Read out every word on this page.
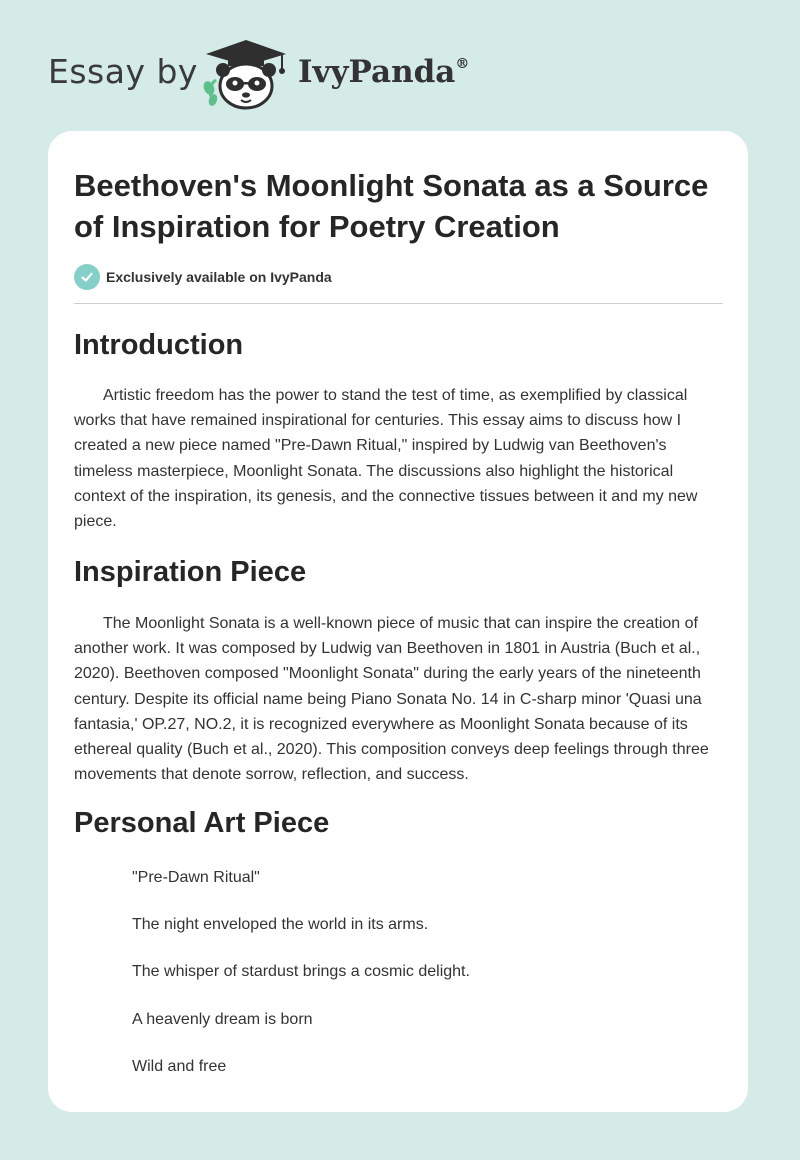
Essay by	IvyPanda®
Beethoven's Moonlight Sonata as a Source of Inspiration for Poetry Creation
Exclusively available on IvyPanda
Introduction

Artistic freedom has the power to stand the test of time, as exemplified by classical works that have remained inspirational for centuries. This essay aims to discuss how I created a new piece named "Pre-Dawn Ritual," inspired by Ludwig van Beethoven's timeless masterpiece, Moonlight Sonata. The discussions also highlight the historical context of the inspiration, its genesis, and the connective tissues between it and my new piece.

Inspiration Piece

The Moonlight Sonata is a well-known piece of music that can inspire the creation of another work. It was composed by Ludwig van Beethoven in 1801 in Austria (Buch et al., 2020). Beethoven composed "Moonlight Sonata" during the early years of the nineteenth century. Despite its official name being Piano Sonata No. 14 in C-sharp minor 'Quasi una fantasia,' OP.27, NO.2, it is recognized everywhere as Moonlight Sonata because of its ethereal quality (Buch et al., 2020). This composition conveys deep feelings through three movements that denote sorrow, reflection, and success.

Personal Art Piece

"Pre-Dawn Ritual"

The night enveloped the world in its arms.

The whisper of stardust brings a cosmic delight.

A heavenly dream is born

Wild and free
